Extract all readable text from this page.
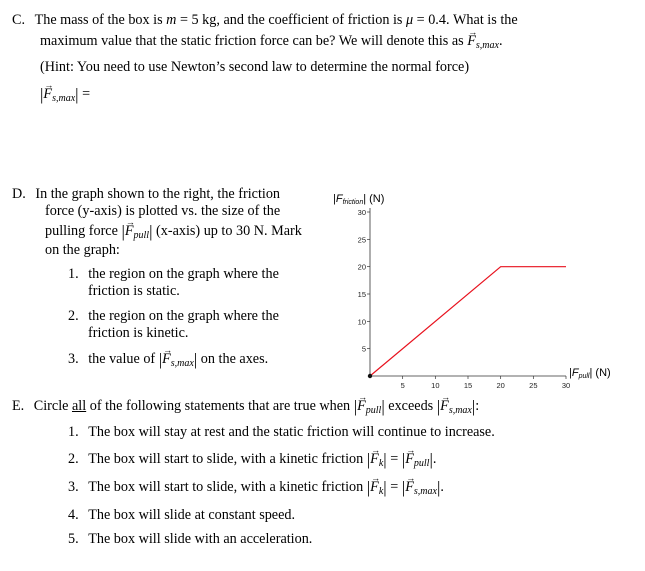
C. The mass of the box is m = 5 kg, and the coefficient of friction is μ = 0.4. What is the
maximum value that the static friction force can be? We will denote this as → $F_{s,max}$.
(Hint: You need to use Newton’s second law to determine the normal force)
|→ $F_{s,max}|$ =
D. In the graph shown to the right, the friction
force (y-axis) is plotted vs. the size of the
pulling force |→ $F_{pull}|$ (x-axis) up to 30 N. Mark
on the graph:
1. the region on the graph where the
friction is static.
2. the region on the graph where the
friction is kinetic.
3. the value of |→ $F_{s,max}|$ on the axes.
5	10	15	20	25	30
5
10
15
20
25
30
|Ffriction| (N)
|Fpull| (N)
E. Circle all of the following statements that are true when |→ $F_{pull}|$ exceeds |→ $F_{s,max}|$:
1. The box will stay at rest and the static friction will continue to increase.
2. The box will start to slide, with a kinetic friction |→ $F_k|$ = |→ $F_{pull}|$.
3. The box will start to slide, with a kinetic friction |→ $F_k|$ = |→ $F_{s,max}|$.
4. The box will slide at constant speed.
5. The box will slide with an acceleration.
